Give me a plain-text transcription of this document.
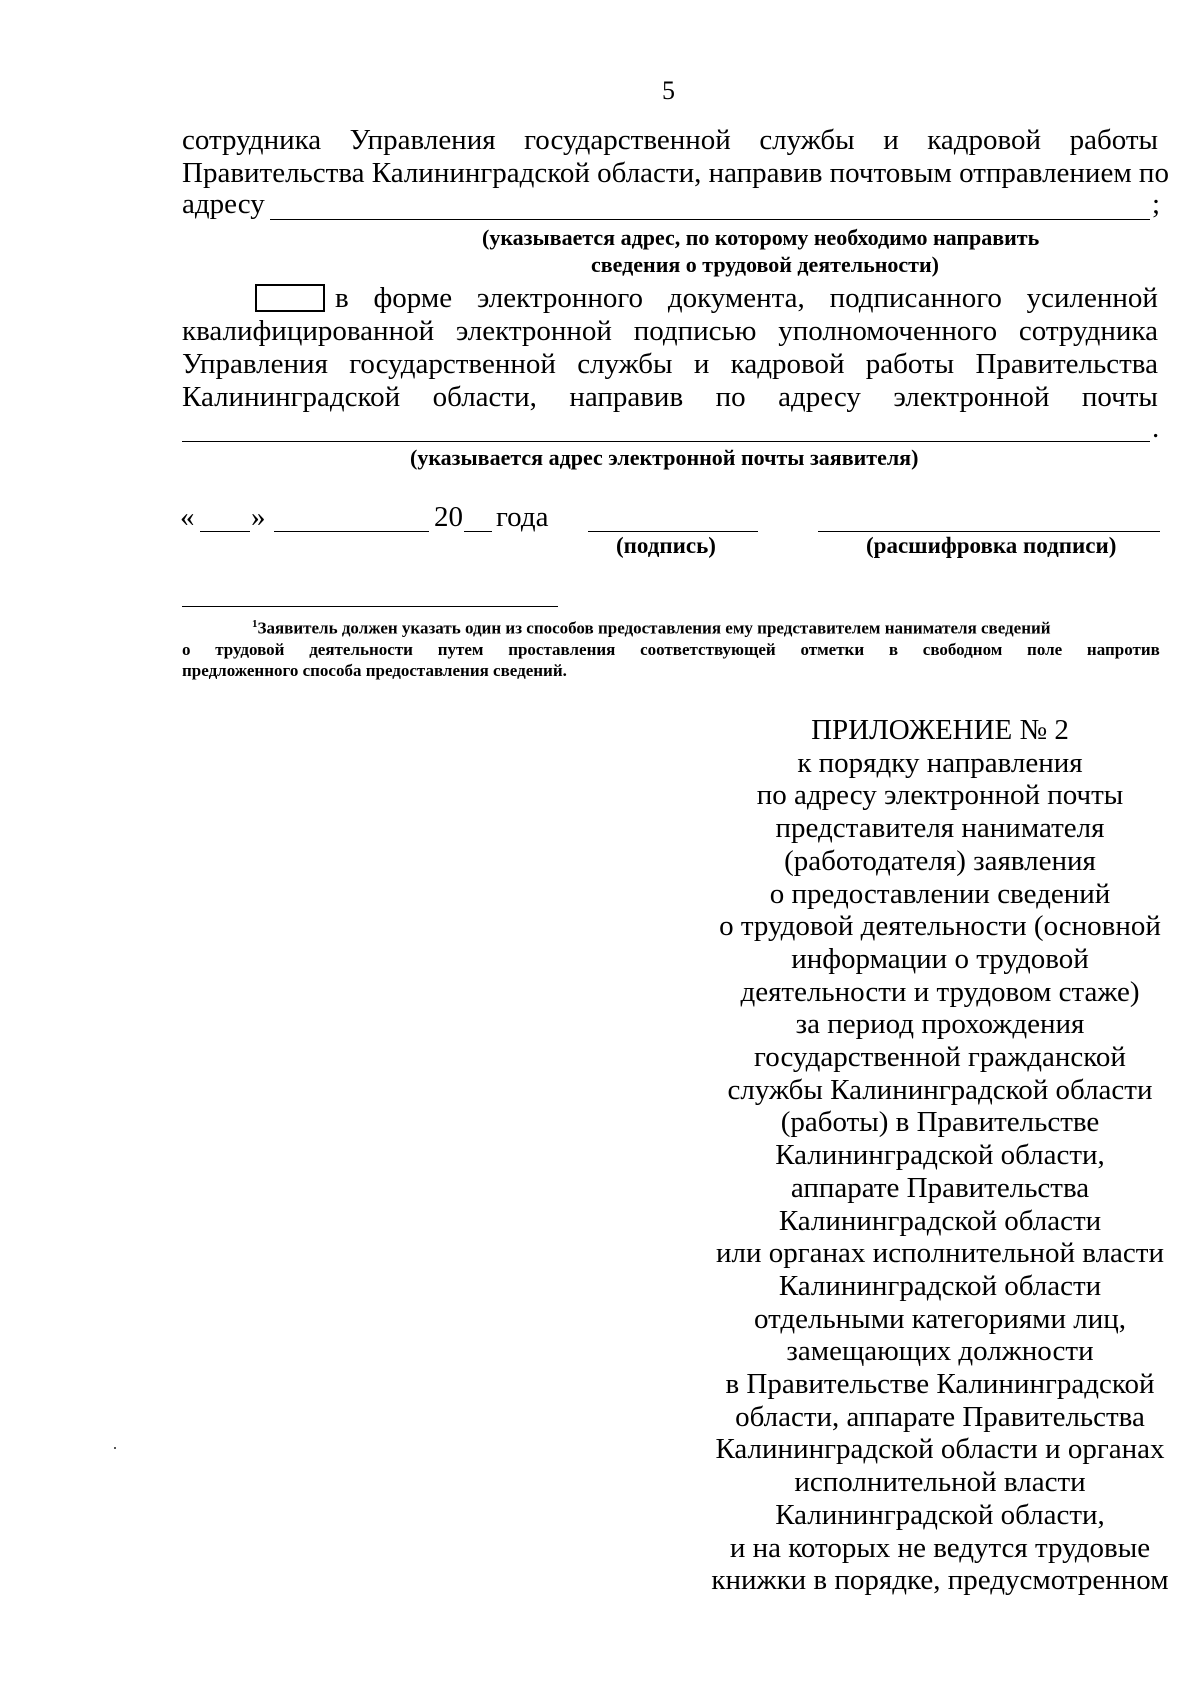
5
сотрудника Управления государственной службы и кадровой работы
Правительства Калининградской области, направив почтовым отправлением по
адресу	;
(указывается адрес, по которому необходимо направить
сведения о трудовой деятельности)
в форме электронного документа, подписанного усиленной
квалифицированной электронной подписью уполномоченного сотрудника
Управления государственной службы и кадровой работы Правительства
Калининградской области, направив по адресу электронной почты
.
(указывается адрес электронной почты заявителя)
« »	20 года
(подпись)	(расшифровка подписи)
$^1$Заявитель должен указать один из способов предоставления ему представителем нанимателя сведений
о трудовой деятельности путем проставления соответствующей отметки в свободном поле напротив
предложенного способа предоставления сведений.
ПРИЛОЖЕНИЕ № 2
к порядку направления
по адресу электронной почты
представителя нанимателя
(работодателя) заявления
о предоставлении сведений
о трудовой деятельности (основной
информации о трудовой
деятельности и трудовом стаже)
за период прохождения
государственной гражданской
службы Калининградской области
(работы) в Правительстве
Калининградской области,
аппарате Правительства
Калининградской области
или органах исполнительной власти
Калининградской области
отдельными категориями лиц,
замещающих должности
в Правительстве Калининградской
области, аппарате Правительства
Калининградской области и органах
исполнительной власти
Калининградской области,
и на которых не ведутся трудовые
книжки в порядке, предусмотренном
